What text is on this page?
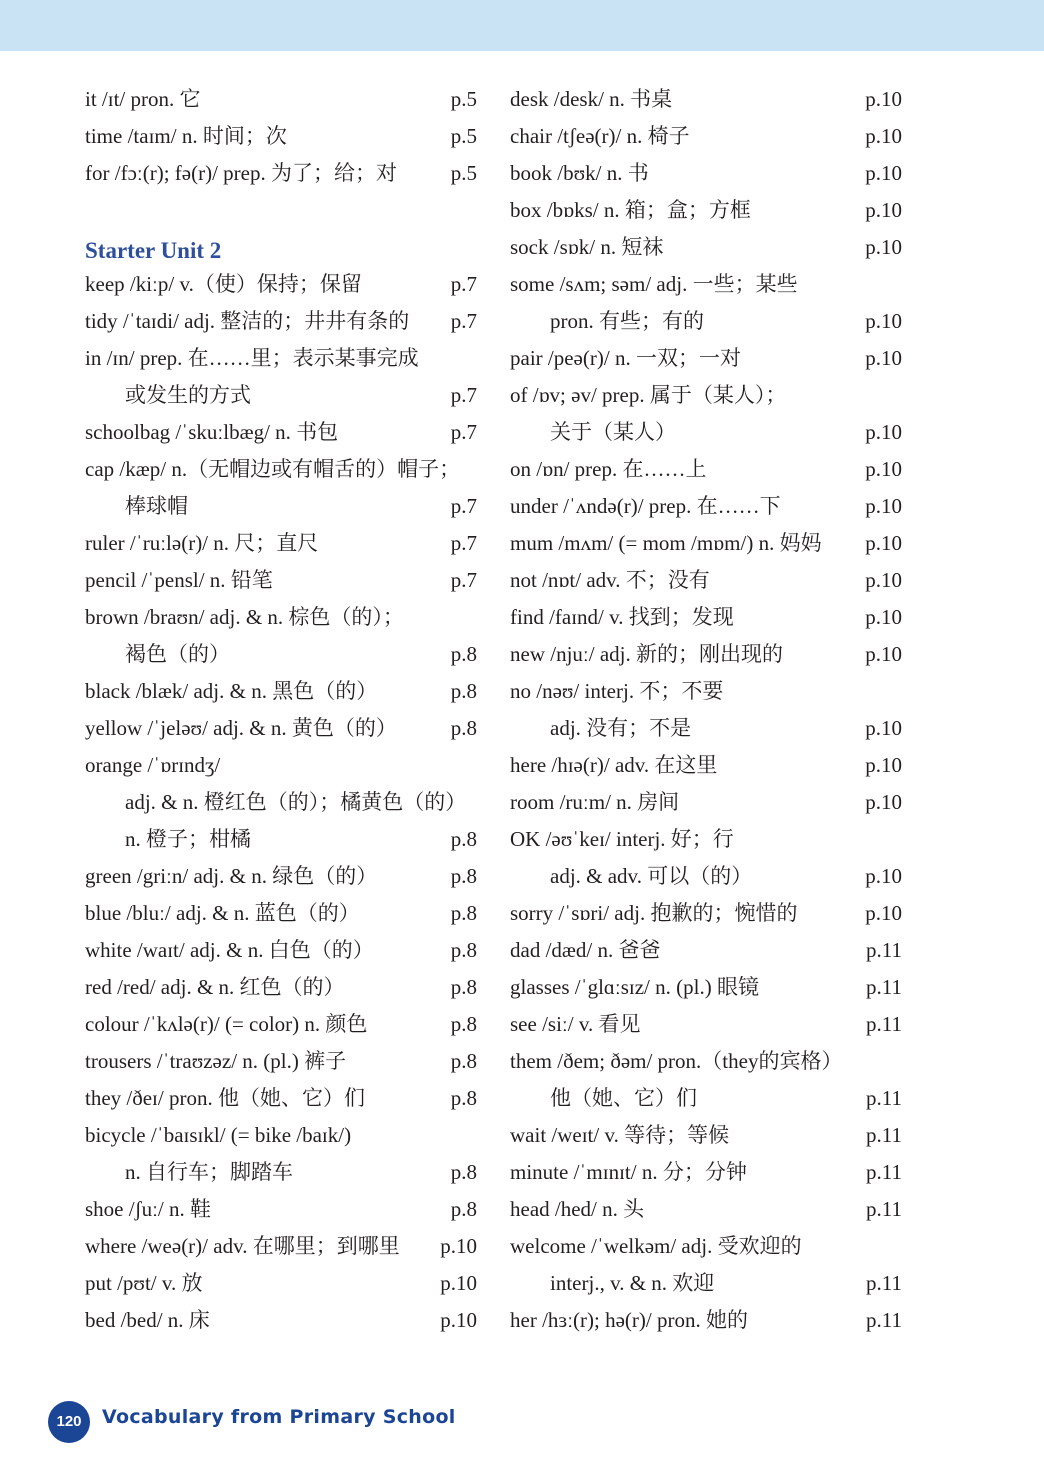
it /ɪt/ pron. 它	p.5
time /taɪm/ n. 时间；次	p.5
for /fɔː(r); fə(r)/ prep. 为了；给；对	p.5
Starter Unit 2
keep /kiːp/ v.（使）保持；保留	p.7
tidy /ˈtaɪdi/ adj. 整洁的；井井有条的 p.7
in /ɪn/ prep. 在……里；表示某事完成
或发生的方式	p.7
schoolbag /ˈskuːlbæg/ n. 书包	p.7
cap /kæp/ n.（无帽边或有帽舌的）帽子；
棒球帽	p.7
ruler /ˈruːlə(r)/ n. 尺；直尺	p.7
pencil /ˈpensl/ n. 铅笔	p.7
brown /braʊn/ adj. & n. 棕色（的）；
褐色（的）	p.8
black /blæk/ adj. & n. 黑色（的）	p.8
yellow /ˈjeləʊ/ adj. & n. 黄色（的）	p.8
orange /ˈɒrɪndʒ/
adj. & n. 橙红色（的）；橘黄色（的）
n. 橙子；柑橘	p.8
green /griːn/ adj. & n. 绿色（的）	p.8
blue /bluː/ adj. & n. 蓝色（的）	p.8
white /waɪt/ adj. & n. 白色（的）	p.8
red /red/ adj. & n. 红色（的）	p.8
colour /ˈkʌlə(r)/ (= color) n. 颜色	p.8
trousers /ˈtraʊzəz/ n. (pl.) 裤子	p.8
they /ðeɪ/ pron. 他（她、它）们	p.8
bicycle /ˈbaɪsɪkl/ (= bike /baɪk/)
n. 自行车；脚踏车	p.8
shoe /ʃuː/ n. 鞋	p.8
where /weə(r)/ adv. 在哪里；到哪里 p.10
put /pʊt/ v. 放	p.10
bed /bed/ n. 床	p.10
desk /desk/ n. 书桌	p.10
chair /tʃeə(r)/ n. 椅子	p.10
book /bʊk/ n. 书	p.10
box /bɒks/ n. 箱；盒；方框	p.10
sock /sɒk/ n. 短袜	p.10
some /sʌm; səm/ adj. 一些；某些
pron. 有些；有的	p.10
pair /peə(r)/ n. 一双；一对	p.10
of /ɒv; əv/ prep. 属于（某人）；
关于（某人）	p.10
on /ɒn/ prep. 在……上	p.10
under /ˈʌndə(r)/ prep. 在……下	p.10
mum /mʌm/ (= mom /mɒm/) n. 妈妈 p.10
not /nɒt/ adv. 不；没有	p.10
find /faɪnd/ v. 找到；发现	p.10
new /njuː/ adj. 新的；刚出现的	p.10
no /nəʊ/ interj. 不；不要
adj. 没有；不是	p.10
here /hɪə(r)/ adv. 在这里	p.10
room /ruːm/ n. 房间	p.10
OK /əʊˈkeɪ/ interj. 好；行
adj. & adv. 可以（的）	p.10
sorry /ˈsɒri/ adj. 抱歉的；惋惜的	p.10
dad /dæd/ n. 爸爸	p.11
glasses /ˈglɑːsɪz/ n. (pl.) 眼镜	p.11
see /siː/ v. 看见	p.11
them /ðem; ðəm/ pron.（they的宾格）
他（她、它）们	p.11
wait /weɪt/ v. 等待；等候	p.11
minute /ˈmɪnɪt/ n. 分；分钟	p.11
head /hed/ n. 头	p.11
welcome /ˈwelkəm/ adj. 受欢迎的
interj., v. & n. 欢迎	p.11
her /hɜː(r); hə(r)/ pron. 她的	p.11
120	Vocabulary from Primary School
